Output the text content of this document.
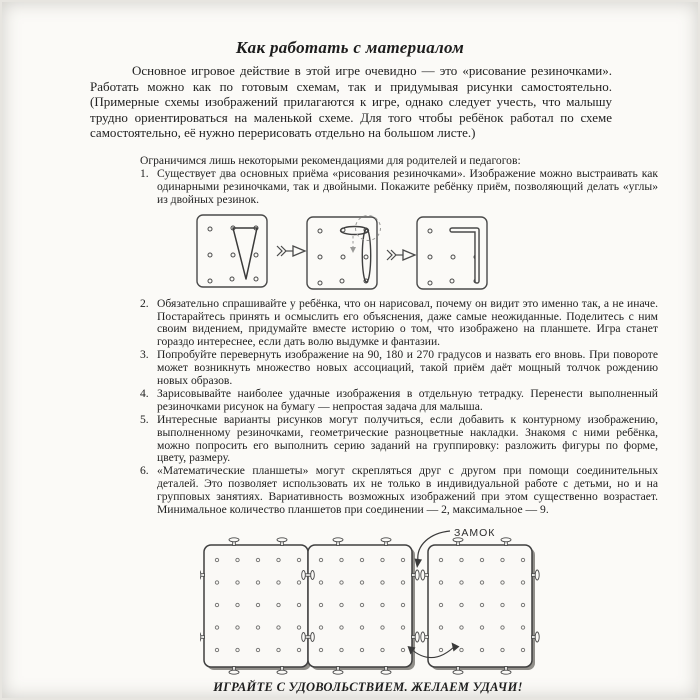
Как работать с материалом
Основное игровое действие в этой игре очевидно — это «рисование резиночками». Работать можно как по готовым схемам, так и придумывая рисунки самостоятельно. (Примерные схемы изображений прилагаются к игре, однако следует учесть, что малышу трудно ориентироваться на маленькой схеме. Для того чтобы ребёнок работал по схеме самостоятельно, её нужно перерисовать отдельно на большом листе.)
Ограничимся лишь некоторыми рекомендациями для родителей и педагогов:
1. Существует два основных приёма «рисования резиночками». Изображение можно выстраивать как одинарными резиночками, так и двойными. Покажите ребёнку приём, позволяющий делать «углы» из двойных резинок.
2. Обязательно спрашивайте у ребёнка, что он нарисовал, почему он видит это именно так, а не иначе. Постарайтесь принять и осмыслить его объяснения, даже самые неожиданные. Поделитесь с ним своим видением, придумайте вместе историю о том, что изображено на планшете. Игра станет гораздо интереснее, если дать волю выдумке и фантазии.
3. Попробуйте перевернуть изображение на 90, 180 и 270 градусов и назвать его вновь. При повороте может возникнуть множество новых ассоциаций, такой приём даёт мощный толчок рождению новых образов.
4. Зарисовывайте наиболее удачные изображения в отдельную тетрадку. Перенести выполненный резиночками рисунок на бумагу — непростая задача для малыша.
5. Интересные варианты рисунков могут получиться, если добавить к контурному изображению, выполненному резиночками, геометрические разноцветные накладки. Знакомя с ними ребёнка, можно попросить его выполнить серию заданий на группировку: разложить фигуры по форме, цвету, размеру.
6. «Математические планшеты» могут скрепляться друг с другом при помощи соединительных деталей. Это позволяет использовать их не только в индивидуальной работе с детьми, но и на групповых занятиях. Вариативность возможных изображений при этом существенно возрастает. Минимальное количество планшетов при соединении — 2, максимальное — 9.
ЗАМОК
ИГРАЙТЕ С УДОВОЛЬСТВИЕМ. ЖЕЛАЕМ УДАЧИ!
